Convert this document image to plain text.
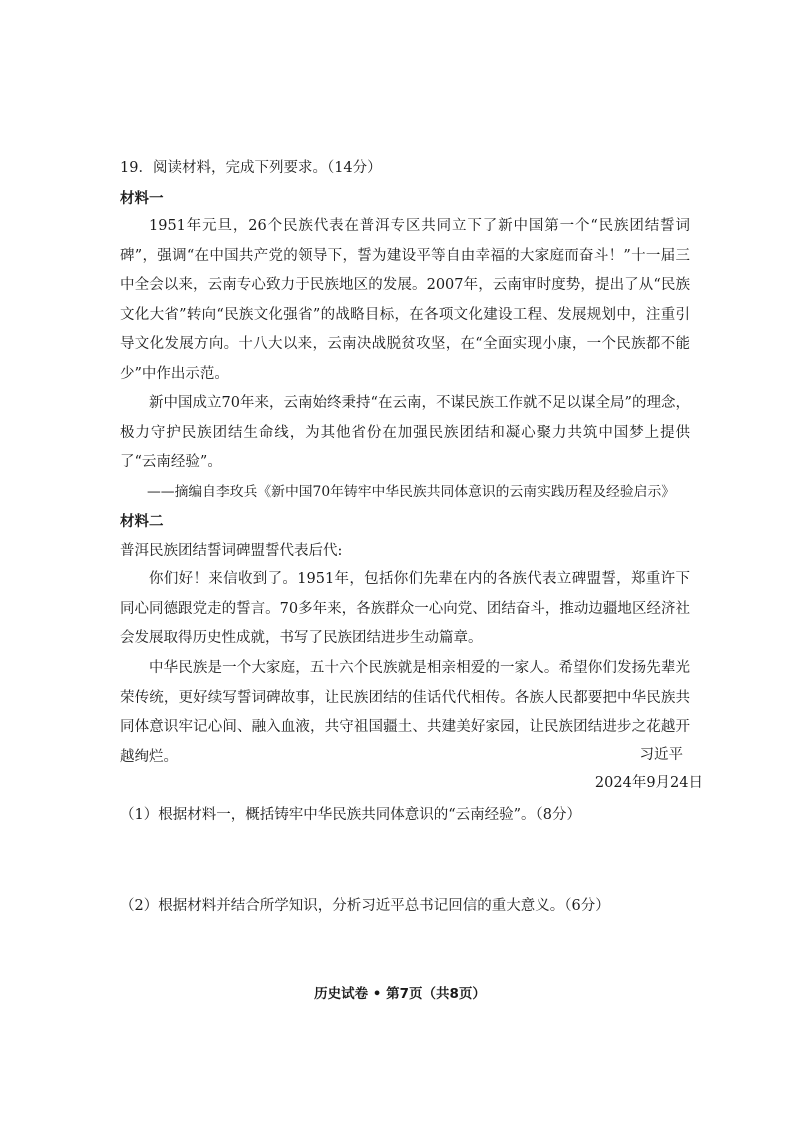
19．阅读材料，完成下列要求。（14分）
材料一
1951年元旦，26个民族代表在普洱专区共同立下了新中国第一个“民族团结誓词碑”，强调“在中国共产党的领导下，誓为建设平等自由幸福的大家庭而奋斗！”十一届三中全会以来，云南专心致力于民族地区的发展。2007年，云南审时度势，提出了从“民族文化大省”转向“民族文化强省”的战略目标，在各项文化建设工程、发展规划中，注重引导文化发展方向。十八大以来，云南决战脱贫攻坚，在“全面实现小康，一个民族都不能少”中作出示范。
新中国成立70年来，云南始终秉持“在云南，不谋民族工作就不足以谋全局”的理念，极力守护民族团结生命线，为其他省份在加强民族团结和凝心聚力共筑中国梦上提供了“云南经验”。
——摘编自李玫兵《新中国70年铸牢中华民族共同体意识的云南实践历程及经验启示》
材料二
普洱民族团结誓词碑盟誓代表后代:
你们好！来信收到了。1951年，包括你们先辈在内的各族代表立碑盟誓，郑重许下同心同德跟党走的誓言。70多年来，各族群众一心向党、团结奋斗，推动边疆地区经济社会发展取得历史性成就，书写了民族团结进步生动篇章。
中华民族是一个大家庭，五十六个民族就是相亲相爱的一家人。希望你们发扬先辈光荣传统，更好续写誓词碑故事，让民族团结的佳话代代相传。各族人民都要把中华民族共同体意识牢记心间、融入血液，共守祖国疆土、共建美好家园，让民族团结进步之花越开越绚烂。	习近平
2024年9月24日
（1）根据材料一，概括铸牢中华民族共同体意识的“云南经验”。（8分）
（2）根据材料并结合所学知识，分析习近平总书记回信的重大意义。（6分）
历史试卷 • 第7页（共8页）
